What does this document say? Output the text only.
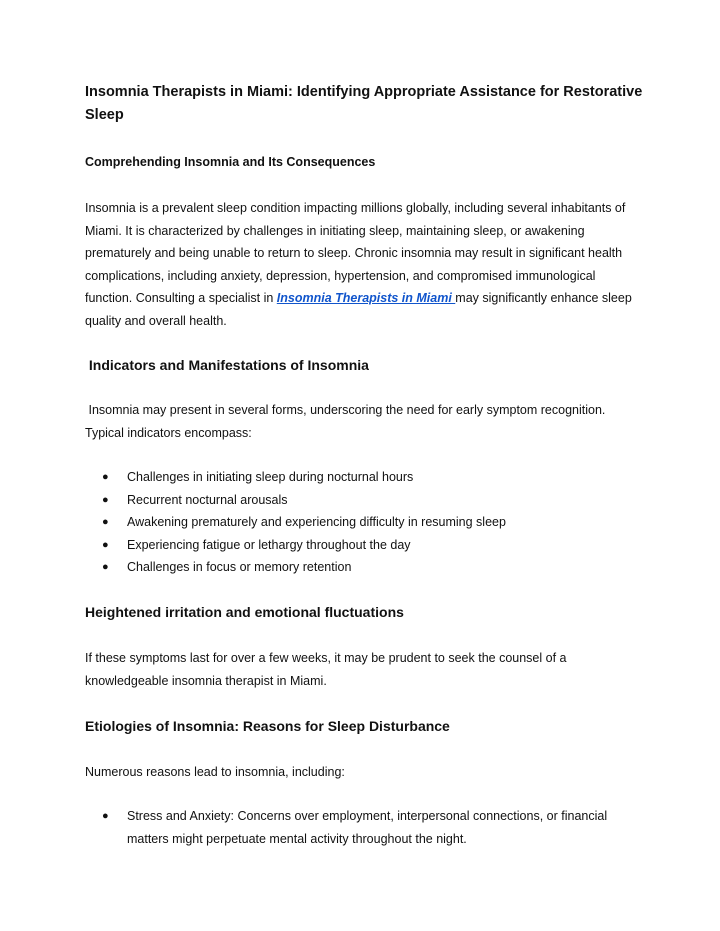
Insomnia Therapists in Miami: Identifying Appropriate Assistance for Restorative Sleep
Comprehending Insomnia and Its Consequences

Insomnia is a prevalent sleep condition impacting millions globally, including several inhabitants of Miami. It is characterized by challenges in initiating sleep, maintaining sleep, or awakening prematurely and being unable to return to sleep. Chronic insomnia may result in significant health complications, including anxiety, depression, hypertension, and compromised immunological function. Consulting a specialist in Insomnia Therapists in Miami may significantly enhance sleep quality and overall health.

Indicators and Manifestations of Insomnia

Insomnia may present in several forms, underscoring the need for early symptom recognition. Typical indicators encompass:

● Challenges in initiating sleep during nocturnal hours
● Recurrent nocturnal arousals
● Awakening prematurely and experiencing difficulty in resuming sleep
● Experiencing fatigue or lethargy throughout the day
● Challenges in focus or memory retention
Heightened irritation and emotional fluctuations

If these symptoms last for over a few weeks, it may be prudent to seek the counsel of a knowledgeable insomnia therapist in Miami.

Etiologies of Insomnia: Reasons for Sleep Disturbance

Numerous reasons lead to insomnia, including:

● Stress and Anxiety: Concerns over employment, interpersonal connections, or financial matters might perpetuate mental activity throughout the night.
